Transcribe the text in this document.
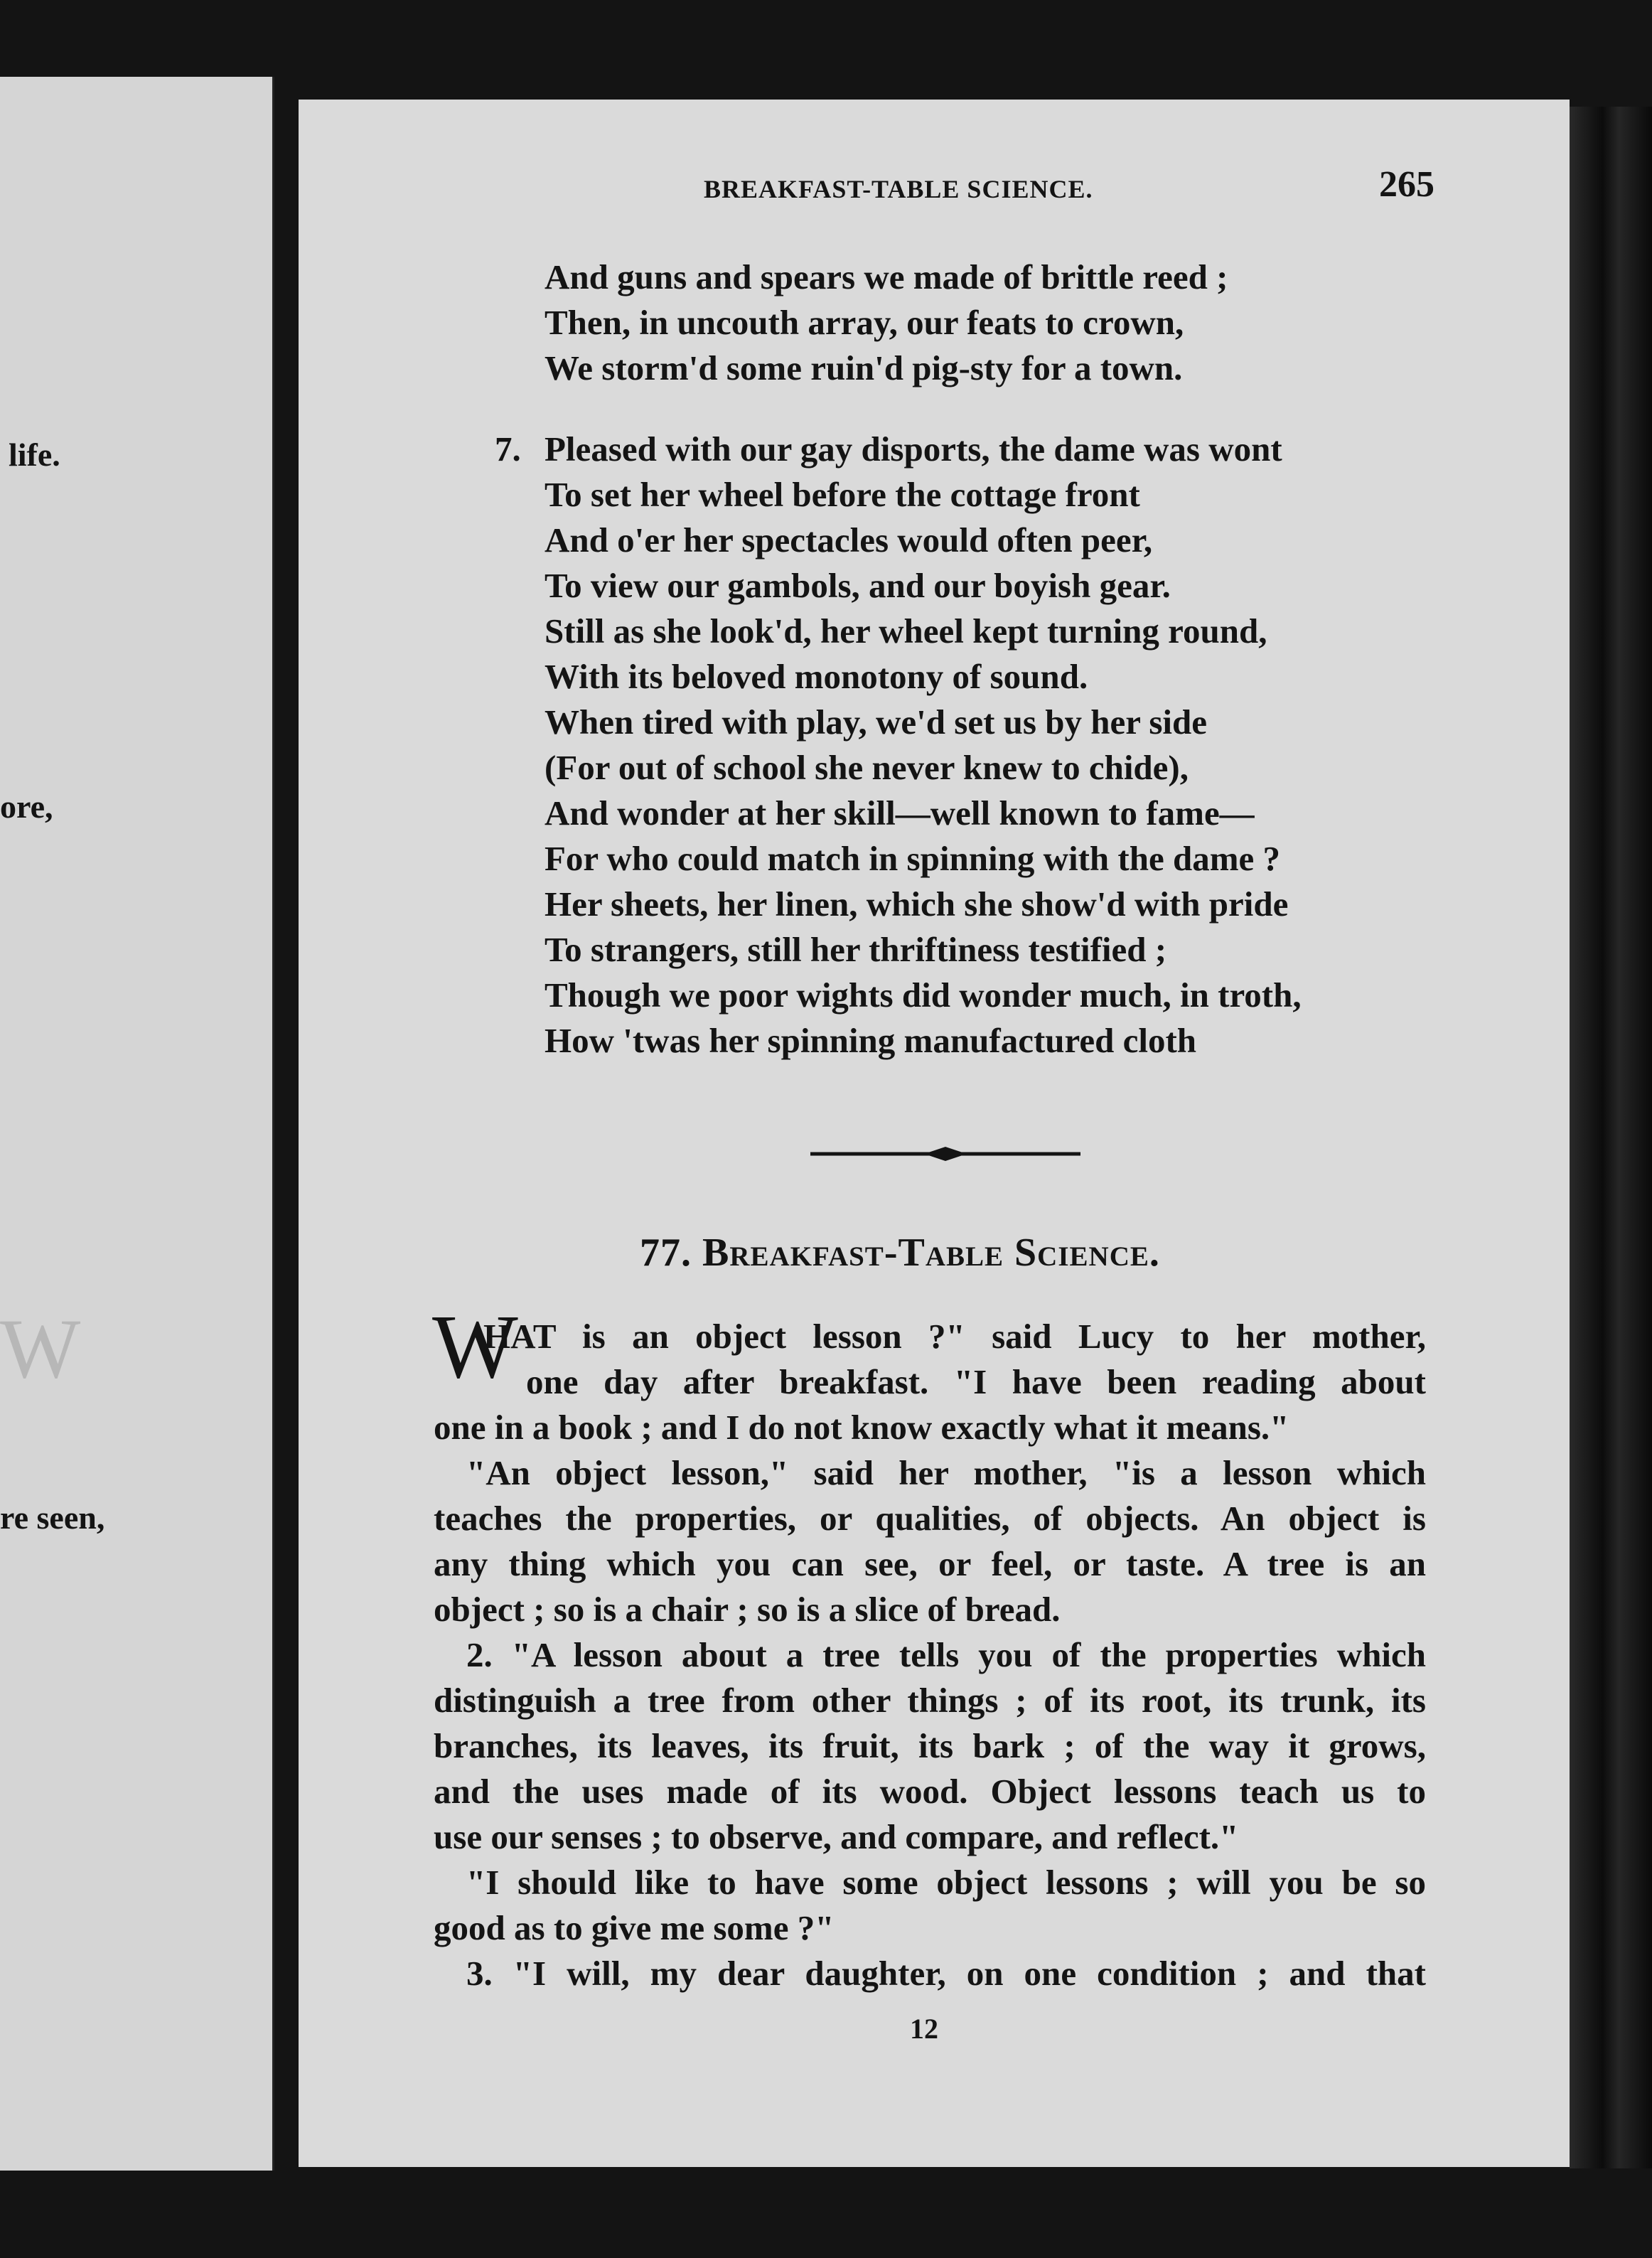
life.
ore,
re seen,
W
BREAKFAST-TABLE SCIENCE.	265
And guns and spears we made of brittle reed ;
Then, in uncouth array, our feats to crown,
We storm'd some ruin'd pig-sty for a town.
7. Pleased with our gay disports, the dame was wont
To set her wheel before the cottage front
And o'er her spectacles would often peer,
To view our gambols, and our boyish gear.
Still as she look'd, her wheel kept turning round,
With its beloved monotony of sound.
When tired with play, we'd set us by her side
(For out of school she never knew to chide),
And wonder at her skill—well known to fame—
For who could match in spinning with the dame ?
Her sheets, her linen, which she show'd with pride
To strangers, still her thriftiness testified ;
Though we poor wights did wonder much, in troth,
How 'twas her spinning manufactured cloth
77. Breakfast-Table Science.
W
HAT is an object lesson ?" said Lucy to her mother,
one day after breakfast. "I have been reading about
one in a book ; and I do not know exactly what it means."
"An object lesson," said her mother, "is a lesson which
teaches the properties, or qualities, of objects. An object is
any thing which you can see, or feel, or taste. A tree is an
object ; so is a chair ; so is a slice of bread.
2. "A lesson about a tree tells you of the properties which
distinguish a tree from other things ; of its root, its trunk, its
branches, its leaves, its fruit, its bark ; of the way it grows,
and the uses made of its wood. Object lessons teach us to
use our senses ; to observe, and compare, and reflect."
"I should like to have some object lessons ; will you be so
good as to give me some ?"
3. "I will, my dear daughter, on one condition ; and that
12
